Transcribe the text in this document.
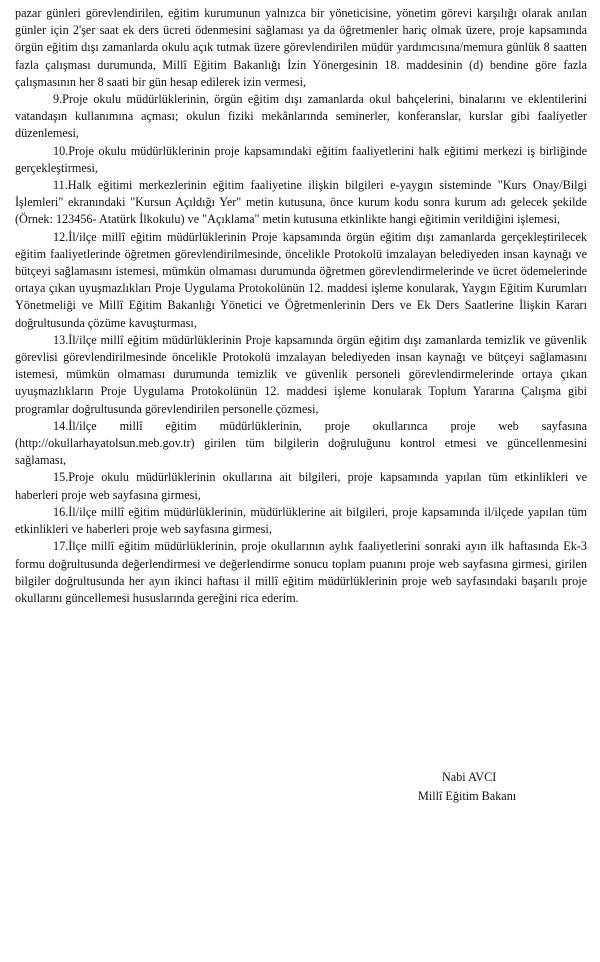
pazar günleri görevlendirilen, eğitim kurumunun yalnızca bir yöneticisine, yönetim görevi karşılığı olarak anılan günler için 2'şer saat ek ders ücreti ödenmesini sağlaması ya da öğretmenler hariç olmak üzere, proje kapsamında örgün eğitim dışı zamanlarda okulu açık tutmak üzere görevlendirilen müdür yardımcısına/memura günlük 8 saatten fazla çalışması durumunda, Millî Eğitim Bakanlığı İzin Yönergesinin 18. maddesinin (d) bendine göre fazla çalışmasının her 8 saati bir gün hesap edilerek izin vermesi,

9.Proje okulu müdürlüklerinin, örgün eğitim dışı zamanlarda okul bahçelerini, binalarını ve eklentilerini vatandaşın kullanımına açması; okulun fiziki mekânlarında seminerler, konferanslar, kurslar gibi faaliyetler düzenlemesi,

10.Proje okulu müdürlüklerinin proje kapsamındaki eğitim faaliyetlerini halk eğitimi merkezi iş birliğinde gerçekleştirmesi,

11.Halk eğitimi merkezlerinin eğitim faaliyetine ilişkin bilgileri e-yaygın sisteminde "Kurs Onay/Bilgi İşlemleri" ekranındaki "Kursun Açıldığı Yer" metin kutusuna, önce kurum kodu sonra kurum adı gelecek şekilde (Örnek: 123456- Atatürk İlkokulu) ve "Açıklama" metin kutusuna etkinlikte hangi eğitimin verildiğini işlemesi,

12.İl/ilçe millî eğitim müdürlüklerinin Proje kapsamında örgün eğitim dışı zamanlarda gerçekleştirilecek eğitim faaliyetlerinde öğretmen görevlendirilmesinde, öncelikle Protokolü imzalayan belediyeden insan kaynağı ve bütçeyi sağlamasını istemesi, mümkün olmaması durumunda öğretmen görevlendirmelerinde ve ücret ödemelerinde ortaya çıkan uyuşmazlıkları Proje Uygulama Protokolünün 12. maddesi işleme konularak, Yaygın Eğitim Kurumları Yönetmeliği ve Millî Eğitim Bakanlığı Yönetici ve Öğretmenlerinin Ders ve Ek Ders Saatlerine İlişkin Kararı doğrultusunda çözüme kavuşturması,

13.İl/ilçe millî eğitim müdürlüklerinin Proje kapsamında örgün eğitim dışı zamanlarda temizlik ve güvenlik görevlisi görevlendirilmesinde öncelikle Protokolü imzalayan belediyeden insan kaynağı ve bütçeyi sağlamasını istemesi, mümkün olmaması durumunda temizlik ve güvenlik personeli görevlendirmelerinde ortaya çıkan uyuşmazlıkların Proje Uygulama Protokolünün 12. maddesi işleme konularak Toplum Yararına Çalışma gibi programlar doğrultusunda görevlendirilen personelle çözmesi,

14.İl/ilçe millî eğitim müdürlüklerinin, proje okullarınca proje web sayfasına (http://okullarhayatolsun.meb.gov.tr) girilen tüm bilgilerin doğruluğunu kontrol etmesi ve güncellenmesini sağlaması,

15.Proje okulu müdürlüklerinin okullarına ait bilgileri, proje kapsamında yapılan tüm etkinlikleri ve haberleri proje web sayfasına girmesi,

16.İl/ilçe millî eğitim müdürlüklerinin, müdürlüklerine ait bilgileri, proje kapsamında il/ilçede yapılan tüm etkinlikleri ve haberleri proje web sayfasına girmesi,

17.İlçe millî eğitim müdürlüklerinin, proje okullarının aylık faaliyetlerini sonraki ayın ilk haftasında Ek-3 formu doğrultusunda değerlendirmesi ve değerlendirme sonucu toplam puanını proje web sayfasına girmesi, girilen bilgiler doğrultusunda her ayın ikinci haftası il millî eğitim müdürlüklerinin proje web sayfasındaki başarılı proje okullarını güncellemesi hususlarında gereğini rica ederim.

Nabi AVCI
Millî Eğitim Bakanı
